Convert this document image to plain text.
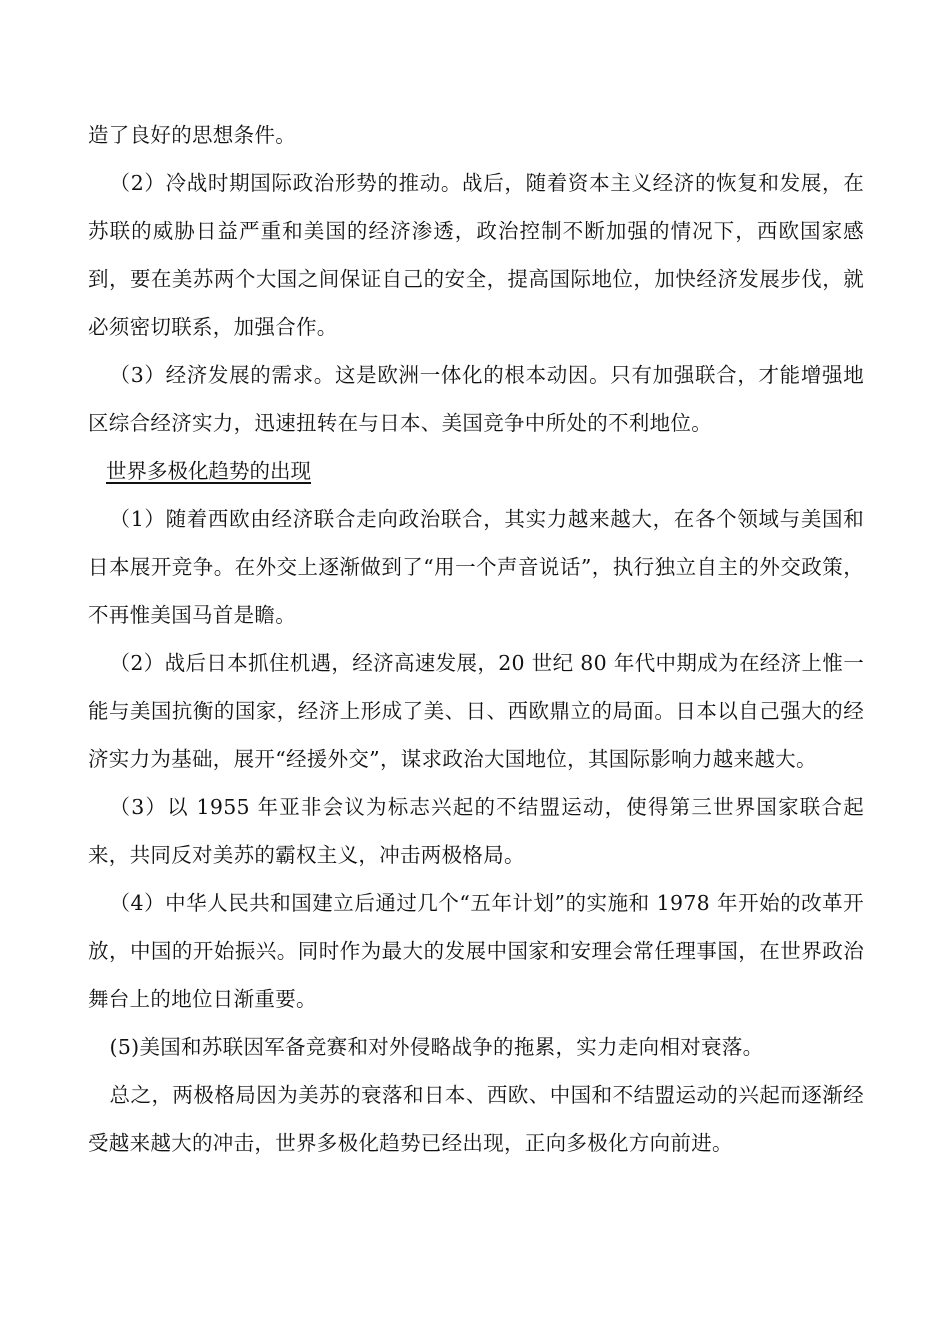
造了良好的思想条件。

（2）冷战时期国际政治形势的推动。战后，随着资本主义经济的恢复和发展，在苏联的威胁日益严重和美国的经济渗透，政治控制不断加强的情况下，西欧国家感到，要在美苏两个大国之间保证自己的安全，提高国际地位，加快经济发展步伐，就必须密切联系，加强合作。

（3）经济发展的需求。这是欧洲一体化的根本动因。只有加强联合，才能增强地区综合经济实力，迅速扭转在与日本、美国竞争中所处的不利地位。

世界多极化趋势的出现

（1）随着西欧由经济联合走向政治联合，其实力越来越大，在各个领域与美国和日本展开竞争。在外交上逐渐做到了“用一个声音说话”，执行独立自主的外交政策，不再惟美国马首是瞻。

（2）战后日本抓住机遇，经济高速发展，20 世纪 80 年代中期成为在经济上惟一能与美国抗衡的国家，经济上形成了美、日、西欧鼎立的局面。日本以自己强大的经济实力为基础，展开“经援外交”，谋求政治大国地位，其国际影响力越来越大。

（3）以 1955 年亚非会议为标志兴起的不结盟运动，使得第三世界国家联合起来，共同反对美苏的霸权主义，冲击两极格局。

（4）中华人民共和国建立后通过几个“五年计划”的实施和 1978 年开始的改革开放，中国的开始振兴。同时作为最大的发展中国家和安理会常任理事国，在世界政治舞台上的地位日渐重要。

(5)美国和苏联因军备竞赛和对外侵略战争的拖累，实力走向相对衰落。

总之，两极格局因为美苏的衰落和日本、西欧、中国和不结盟运动的兴起而逐渐经受越来越大的冲击，世界多极化趋势已经出现，正向多极化方向前进。
